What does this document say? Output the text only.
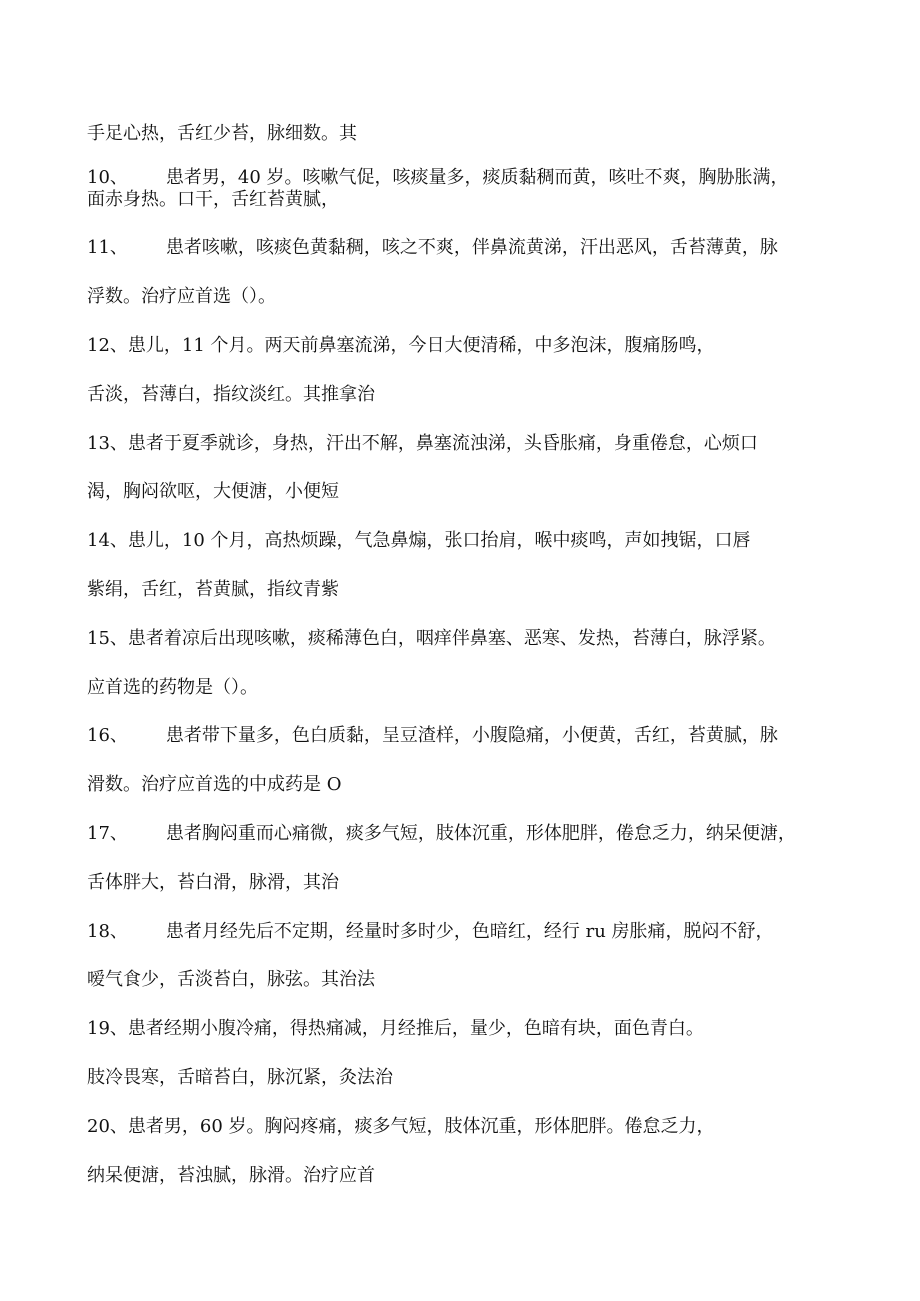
手足心热，舌红少苔，脉细数。其
10、 患者男，40 岁。咳嗽气促，咳痰量多，痰质黏稠而黄，咳吐不爽，胸胁胀满，
面赤身热。口干，舌红苔黄腻，
11、 患者咳嗽，咳痰色黄黏稠，咳之不爽，伴鼻流黄涕，汗出恶风，舌苔薄黄，脉
浮数。治疗应首选（）。
12、患儿，11 个月。两天前鼻塞流涕，今日大便清稀，中多泡沫，腹痛肠鸣，
舌淡，苔薄白，指纹淡红。其推拿治
13、患者于夏季就诊，身热，汗出不解，鼻塞流浊涕，头昏胀痛，身重倦怠，心烦口
渴，胸闷欲呕，大便溏，小便短
14、患儿，10 个月，高热烦躁，气急鼻煽，张口抬肩，喉中痰鸣，声如拽锯，口唇
紫绢，舌红，苔黄腻，指纹青紫
15、患者着凉后出现咳嗽，痰稀薄色白，咽痒伴鼻塞、恶寒、发热，苔薄白，脉浮紧。
应首选的药物是（）。
16、 患者带下量多，色白质黏，呈豆渣样，小腹隐痛，小便黄，舌红，苔黄腻，脉
滑数。治疗应首选的中成药是 O
17、 患者胸闷重而心痛微，痰多气短，肢体沉重，形体肥胖，倦怠乏力，纳呆便溏，
舌体胖大，苔白滑，脉滑，其治
18、 患者月经先后不定期，经量时多时少，色暗红，经行 ru 房胀痛，脱闷不舒，
嗳气食少，舌淡苔白，脉弦。其治法
19、患者经期小腹冷痛，得热痛减，月经推后，量少，色暗有块，面色青白。
肢冷畏寒，舌暗苔白，脉沉紧，灸法治
20、患者男，60 岁。胸闷疼痛，痰多气短，肢体沉重，形体肥胖。倦怠乏力，
纳呆便溏，苔浊腻，脉滑。治疗应首
